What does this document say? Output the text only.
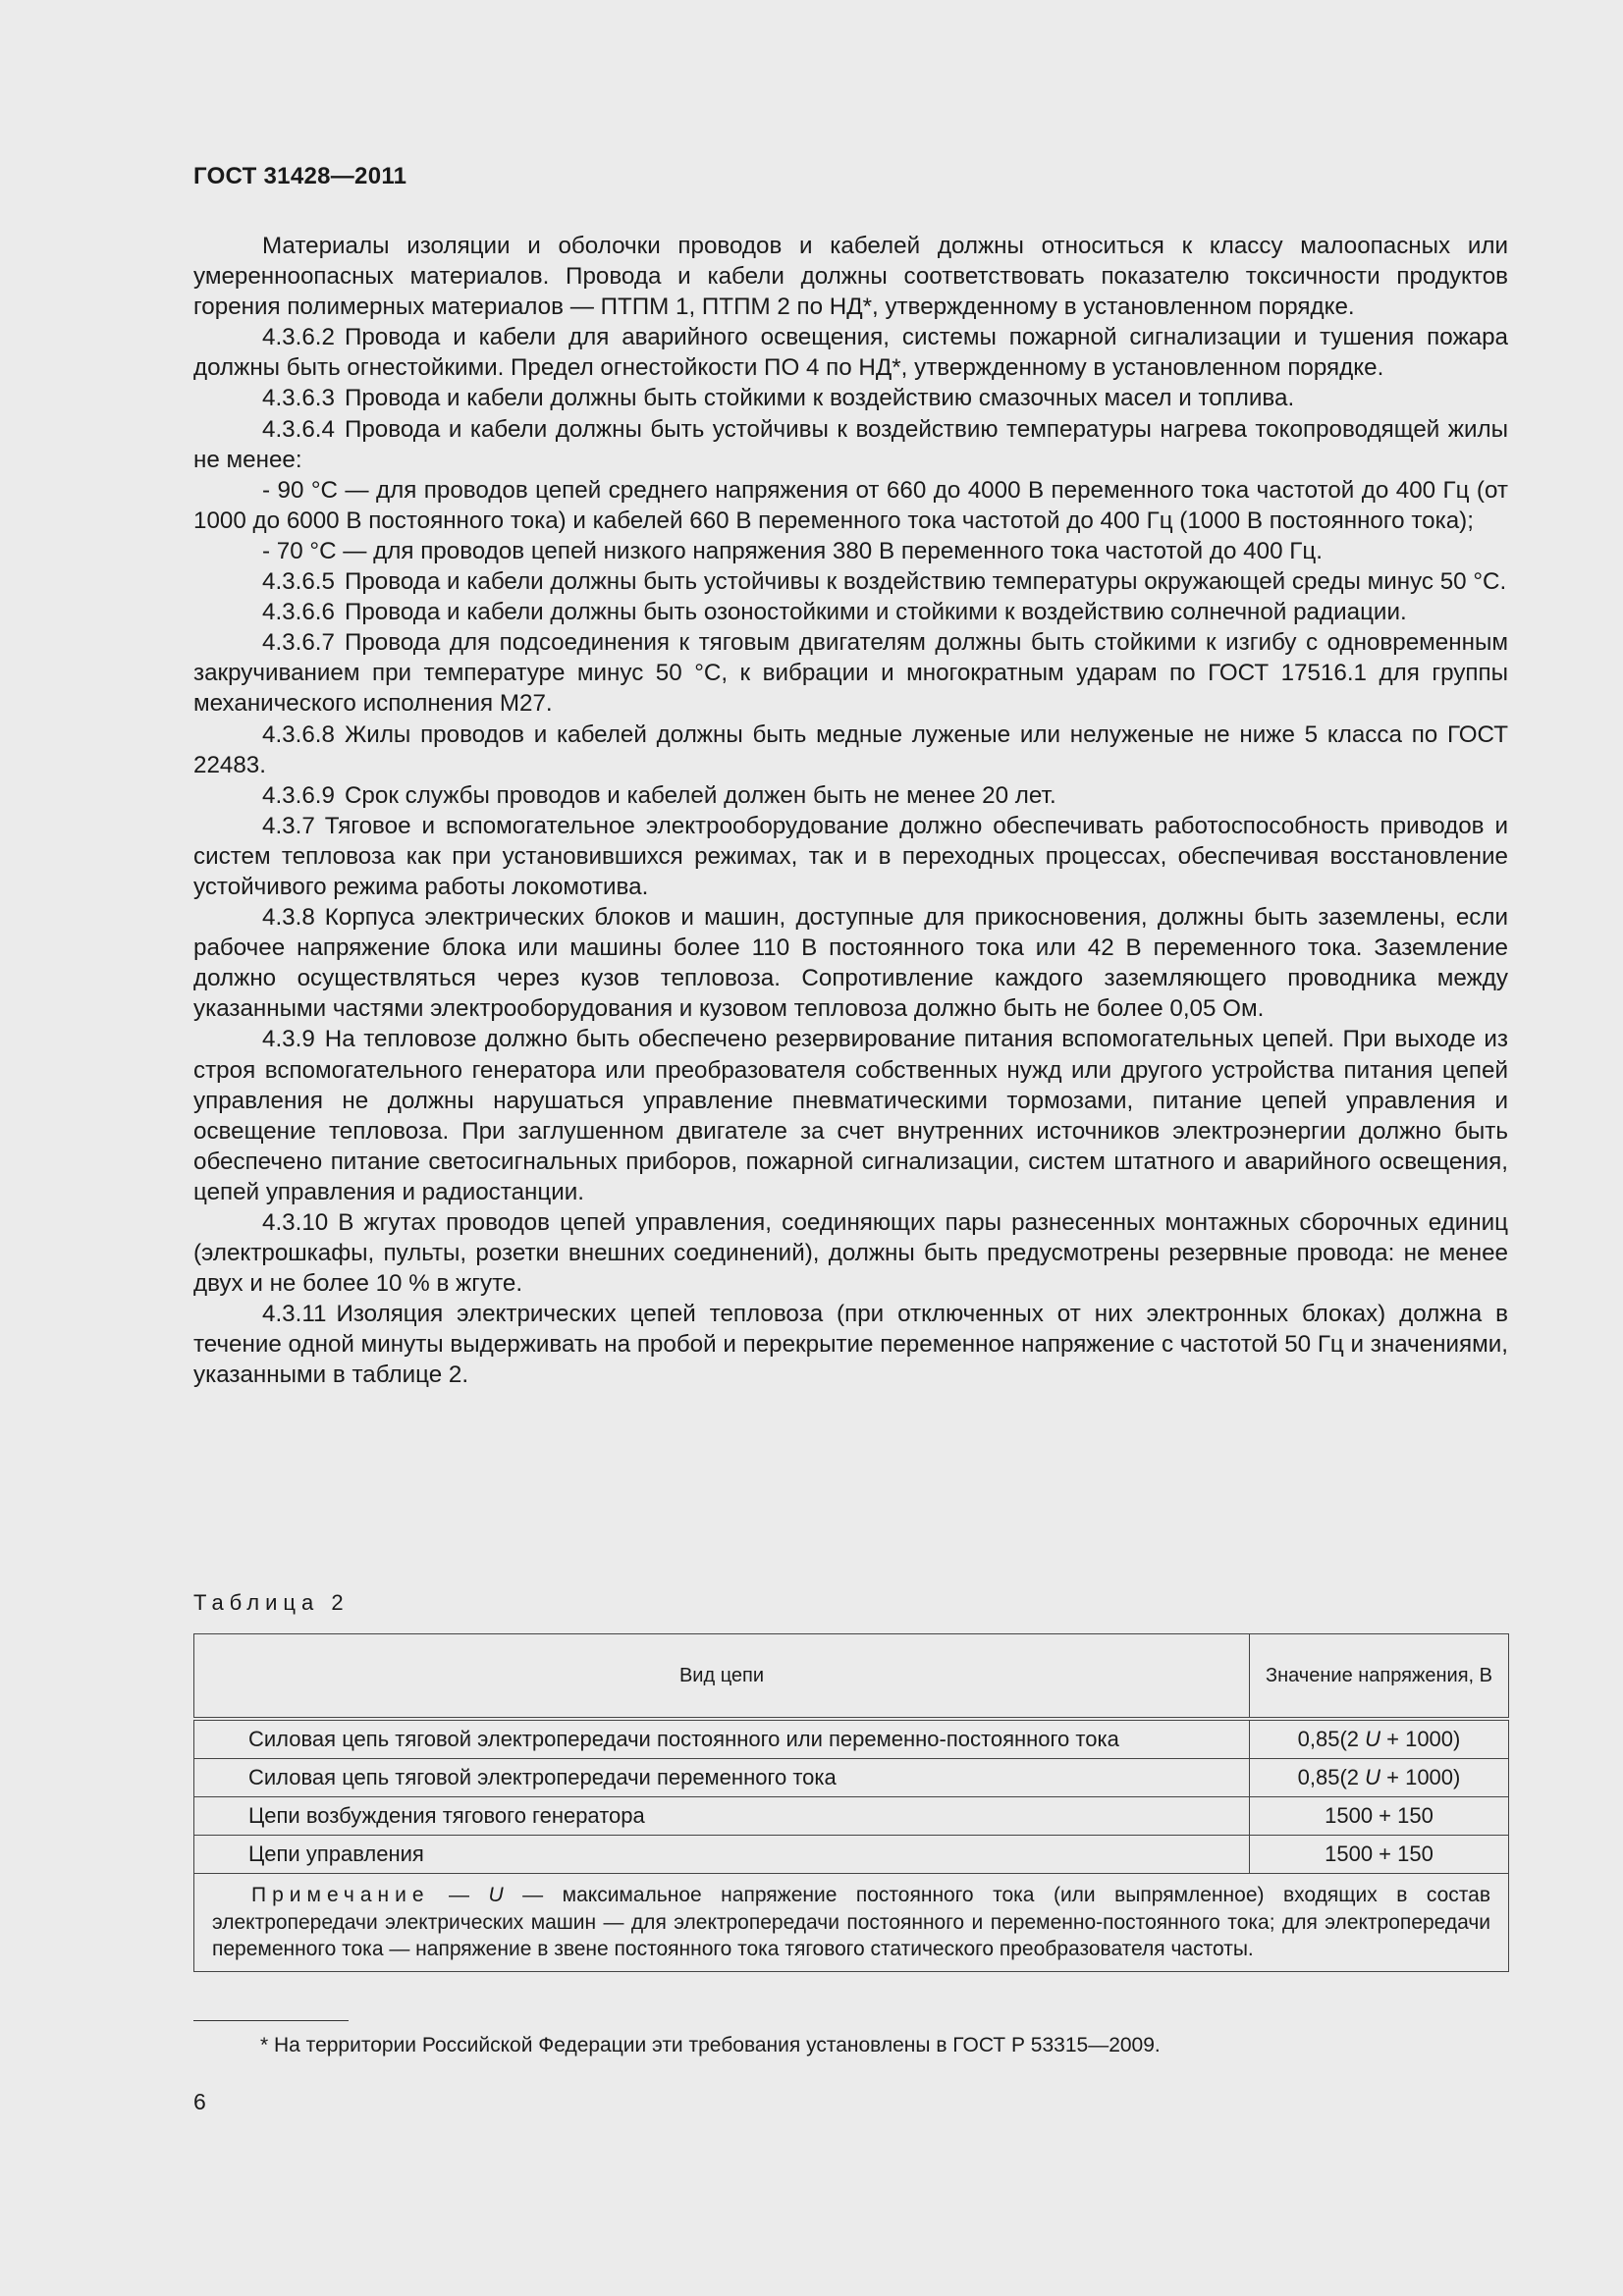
ГОСТ 31428—2011

Материалы изоляции и оболочки проводов и кабелей должны относиться к классу малоопасных или умеренноопасных материалов. Провода и кабели должны соответствовать показателю токсичности продуктов горения полимерных материалов — ПТПМ 1, ПТПМ 2 по НД*, утвержденному в установленном порядке.

4.3.6.2 Провода и кабели для аварийного освещения, системы пожарной сигнализации и тушения пожара должны быть огнестойкими. Предел огнестойкости ПО 4 по НД*, утвержденному в установленном порядке.

4.3.6.3 Провода и кабели должны быть стойкими к воздействию смазочных масел и топлива.

4.3.6.4 Провода и кабели должны быть устойчивы к воздействию температуры нагрева токопроводящей жилы не менее:

- 90 °С — для проводов цепей среднего напряжения от 660 до 4000 В переменного тока частотой до 400 Гц (от 1000 до 6000 В постоянного тока) и кабелей 660 В переменного тока частотой до 400 Гц (1000 В постоянного тока);

- 70 °С — для проводов цепей низкого напряжения 380 В переменного тока частотой до 400 Гц.

4.3.6.5 Провода и кабели должны быть устойчивы к воздействию температуры окружающей среды минус 50 °С.

4.3.6.6 Провода и кабели должны быть озоностойкими и стойкими к воздействию солнечной радиации.

4.3.6.7 Провода для подсоединения к тяговым двигателям должны быть стойкими к изгибу с одновременным закручиванием при температуре минус 50 °С, к вибрации и многократным ударам по ГОСТ 17516.1 для группы механического исполнения М27.

4.3.6.8 Жилы проводов и кабелей должны быть медные луженые или нелуженые не ниже 5 класса по ГОСТ 22483.

4.3.6.9 Срок службы проводов и кабелей должен быть не менее 20 лет.

4.3.7 Тяговое и вспомогательное электрооборудование должно обеспечивать работоспособность приводов и систем тепловоза как при установившихся режимах, так и в переходных процессах, обеспечивая восстановление устойчивого режима работы локомотива.

4.3.8 Корпуса электрических блоков и машин, доступные для прикосновения, должны быть заземлены, если рабочее напряжение блока или машины более 110 В постоянного тока или 42 В переменного тока. Заземление должно осуществляться через кузов тепловоза. Сопротивление каждого заземляющего проводника между указанными частями электрооборудования и кузовом тепловоза должно быть не более 0,05 Ом.

4.3.9 На тепловозе должно быть обеспечено резервирование питания вспомогательных цепей. При выходе из строя вспомогательного генератора или преобразователя собственных нужд или другого устройства питания цепей управления не должны нарушаться управление пневматическими тормозами, питание цепей управления и освещение тепловоза. При заглушенном двигателе за счет внутренних источников электроэнергии должно быть обеспечено питание светосигнальных приборов, пожарной сигнализации, систем штатного и аварийного освещения, цепей управления и радиостанции.

4.3.10 В жгутах проводов цепей управления, соединяющих пары разнесенных монтажных сборочных единиц (электрошкафы, пульты, розетки внешних соединений), должны быть предусмотрены резервные провода: не менее двух и не более 10 % в жгуте.

4.3.11 Изоляция электрических цепей тепловоза (при отключенных от них электронных блоках) должна в течение одной минуты выдерживать на пробой и перекрытие переменное напряжение с частотой 50 Гц и значениями, указанными в таблице 2.

Таблица 2
Вид цепи	Значение напряжения, В
Силовая цепь тяговой электропередачи постоянного или переменно-постоянного тока	0,85(2 U + 1000)
Силовая цепь тяговой электропередачи переменного тока	0,85(2 U + 1000)
Цепи возбуждения тягового генератора	1500 + 150
Цепи управления	1500 + 150
Примечание — U — максимальное напряжение постоянного тока (или выпрямленное) входящих в состав электропередачи электрических машин — для электропередачи постоянного и переменно-постоянного тока; для электропередачи переменного тока — напряжение в звене постоянного тока тягового статического преобразователя частоты.	
* На территории Российской Федерации эти требования установлены в ГОСТ Р 53315—2009.
6
